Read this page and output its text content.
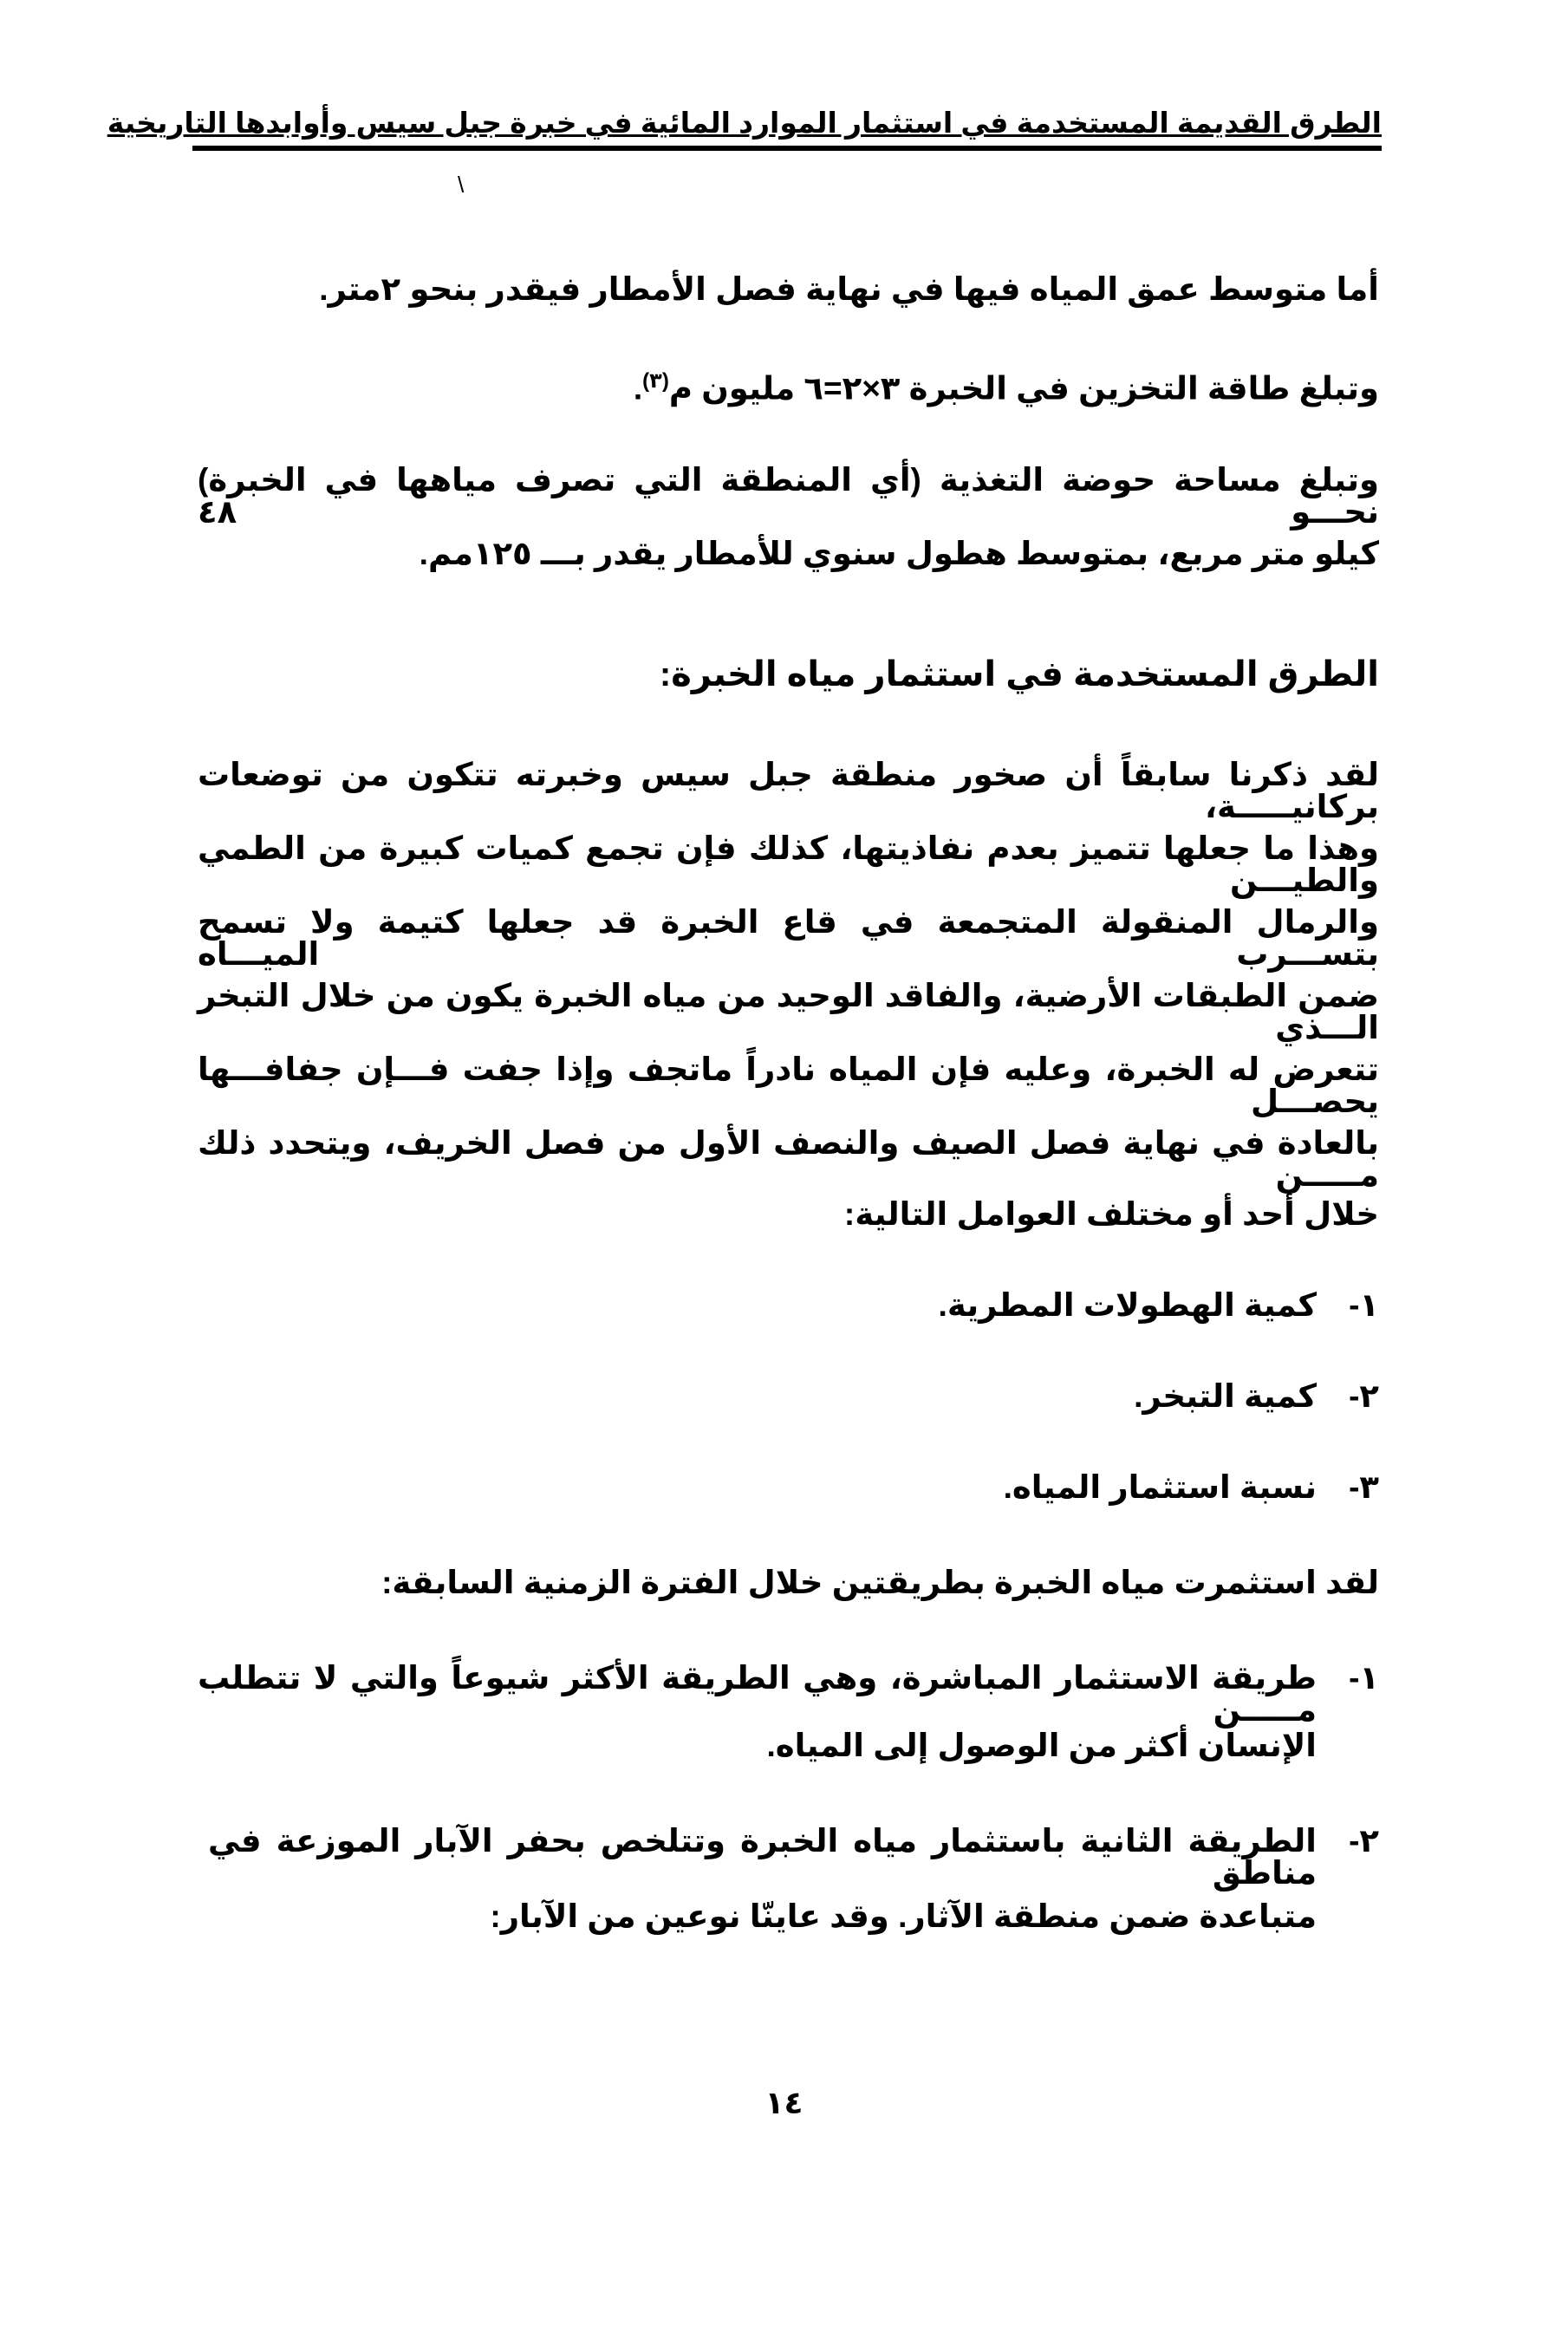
الطرق القديمة المستخدمة في استثمار الموارد المائية في خبرة جبل سيس وأوابدها التاريخية
\
أما متوسط عمق المياه فيها في نهاية فصل الأمطار فيقدر بنحو ٢متر.
وتبلغ طاقة التخزين في الخبرة ٣×٢=٦ مليون م$^{(٣)}$.
وتبلغ مساحة حوضة التغذية (أي المنطقة التي تصرف مياهها في الخبرة) نحـــو ٤٨
كيلو متر مربع، بمتوسط هطول سنوي للأمطار يقدر بـــ ١٢٥مم.
الطرق المستخدمة في استثمار مياه الخبرة:
لقد ذكرنا سابقاً أن صخور منطقة جبل سيس وخبرته تتكون من توضعات بركانيـــــة،
وهذا ما جعلها تتميز بعدم نفاذيتها، كذلك فإن تجمع كميات كبيرة من الطمي والطيـــن
والرمال المنقولة المتجمعة في قاع الخبرة قد جعلها كتيمة ولا تسمح بتســـرب الميـــاه
ضمن الطبقات الأرضية، والفاقد الوحيد من مياه الخبرة يكون من خلال التبخر الـــذي
تتعرض له الخبرة، وعليه فإن المياه نادراً ماتجف وإذا جفت فـــإن جفافـــها يحصـــل
بالعادة في نهاية فصل الصيف والنصف الأول من فصل الخريف، ويتحدد ذلك مـــــن
خلال أحد أو مختلف العوامل التالية:
١-
كمية الهطولات المطرية.
٢-
كمية التبخر.
٣-
نسبة استثمار المياه.
لقد استثمرت مياه الخبرة بطريقتين خلال الفترة الزمنية السابقة:
١-
طريقة الاستثمار المباشرة، وهي الطريقة الأكثر شيوعاً والتي لا تتطلب مـــــن
الإنسان أكثر من الوصول إلى المياه.
٢-
الطريقة الثانية باستثمار مياه الخبرة وتتلخص بحفر الآبار الموزعة في مناطق
متباعدة ضمن منطقة الآثار. وقد عاينّا نوعين من الآبار:
١٤
